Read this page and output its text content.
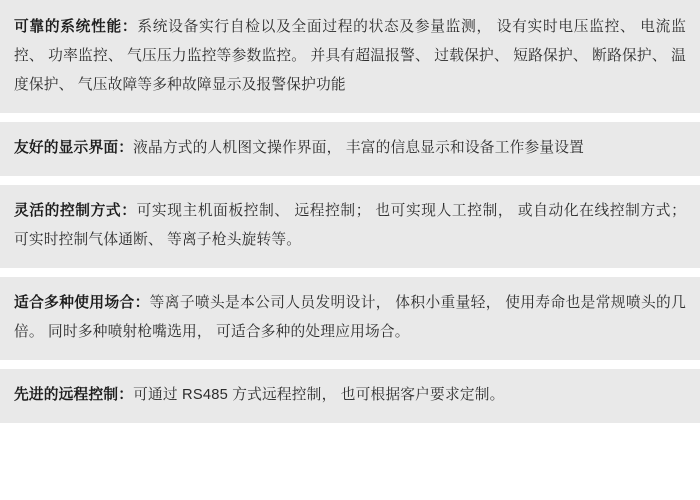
可靠的系统性能：系统设备实行自检以及全面过程的状态及参量监测， 设有实时电压监控、 电流监控、 功率监控、 气压压力监控等参数监控。 并具有超温报警、 过载保护、 短路保护、 断路保护、 温度保护、 气压故障等多种故障显示及报警保护功能
友好的显示界面：液晶方式的人机图文操作界面， 丰富的信息显示和设备工作参量设置
灵活的控制方式：可实现主机面板控制、 远程控制； 也可实现人工控制， 或自动化在线控制方式； 可实时控制气体通断、 等离子枪头旋转等。
适合多种使用场合：等离子喷头是本公司人员发明设计， 体积小重量轻， 使用寿命也是常规喷头的几倍。 同时多种喷射枪嘴选用， 可适合多种的处理应用场合。
先进的远程控制：可通过 RS485 方式远程控制， 也可根据客户要求定制。
